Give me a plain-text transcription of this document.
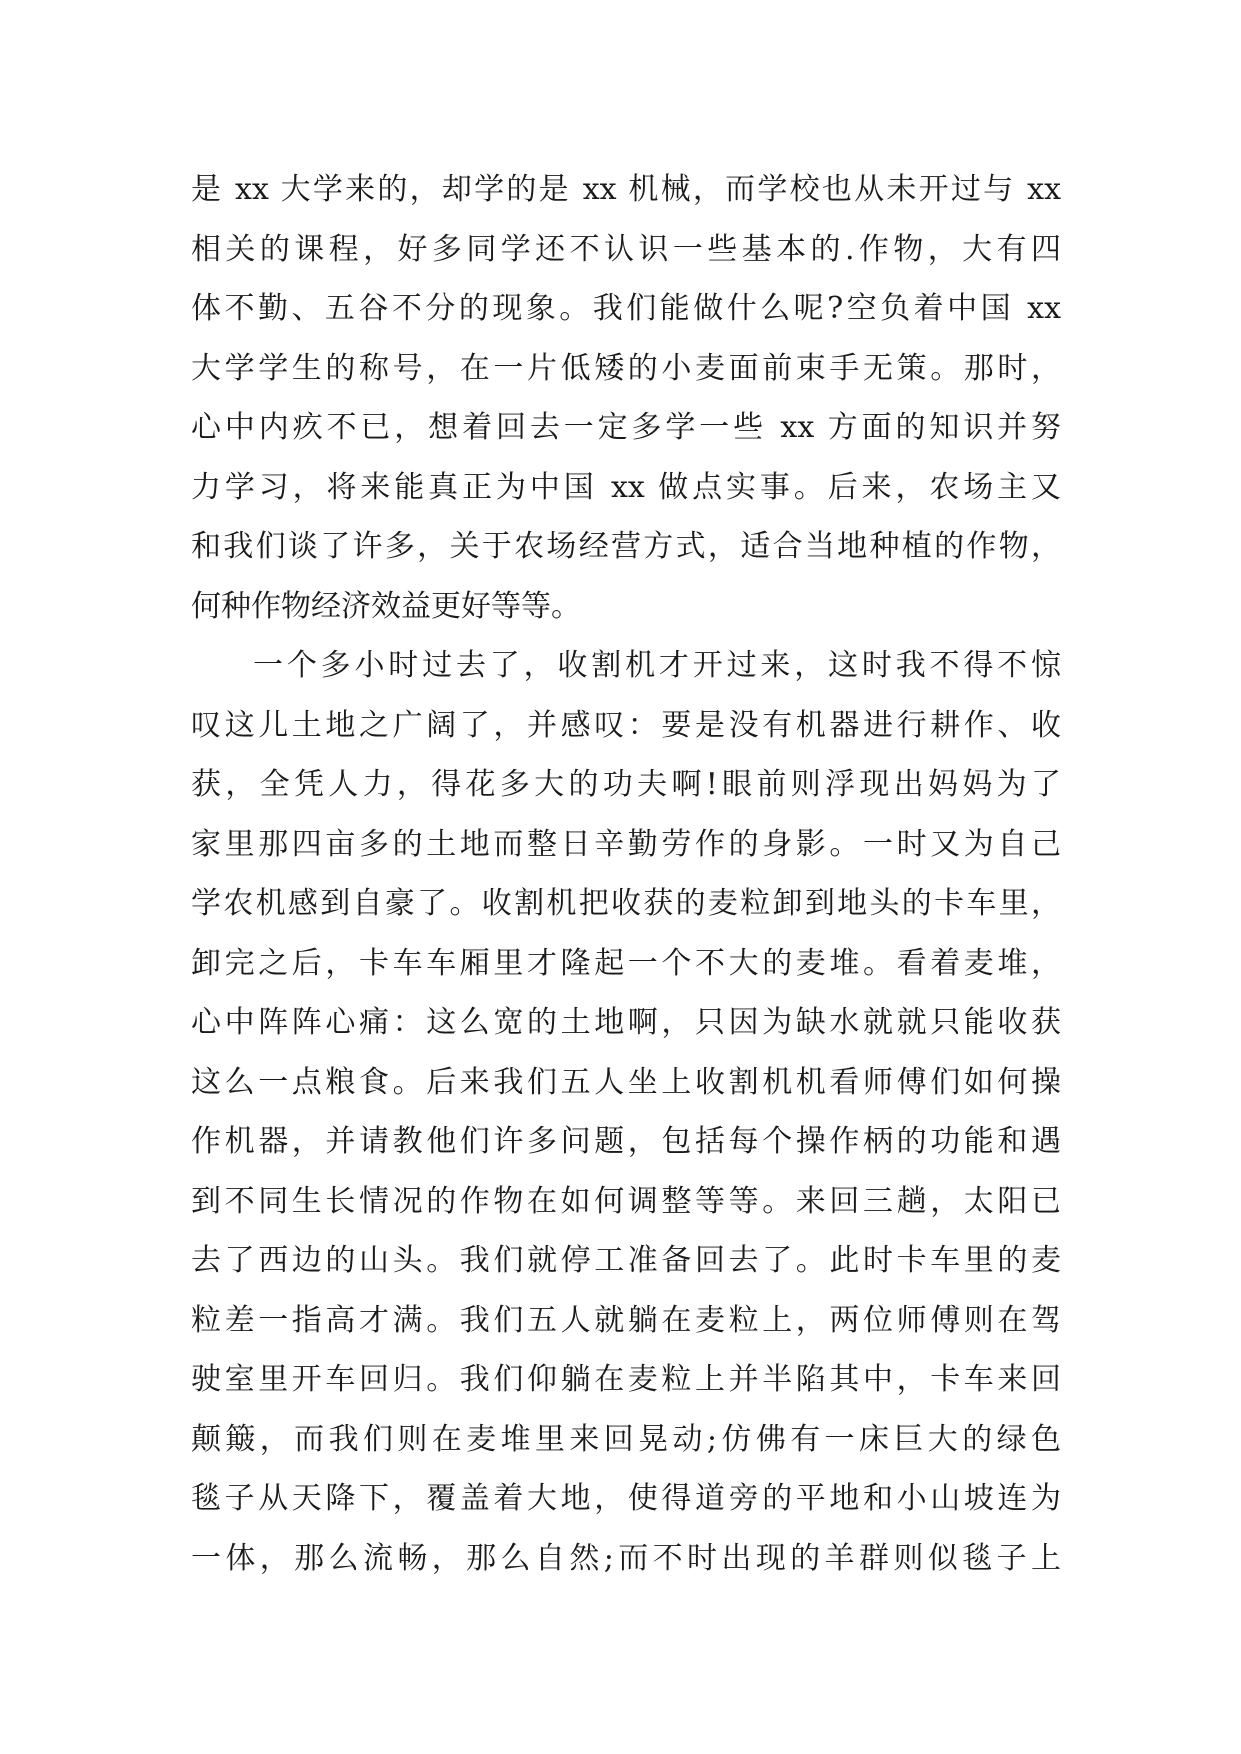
是 xx 大学来的，却学的是 xx 机械，而学校也从未开过与 xx
相关的课程，好多同学还不认识一些基本的.作物，大有四
体不勤、五谷不分的现象。我们能做什么呢?空负着中国 xx
大学学生的称号，在一片低矮的小麦面前束手无策。那时，
心中内疚不已，想着回去一定多学一些 xx 方面的知识并努
力学习，将来能真正为中国 xx 做点实事。后来，农场主又
和我们谈了许多，关于农场经营方式，适合当地种植的作物，
何种作物经济效益更好等等。
一个多小时过去了，收割机才开过来，这时我不得不惊
叹这儿土地之广阔了，并感叹：要是没有机器进行耕作、收
获，全凭人力，得花多大的功夫啊!眼前则浮现出妈妈为了
家里那四亩多的土地而整日辛勤劳作的身影。一时又为自己
学农机感到自豪了。收割机把收获的麦粒卸到地头的卡车里，
卸完之后，卡车车厢里才隆起一个不大的麦堆。看着麦堆，
心中阵阵心痛：这么宽的土地啊，只因为缺水就就只能收获
这么一点粮食。后来我们五人坐上收割机机看师傅们如何操
作机器，并请教他们许多问题，包括每个操作柄的功能和遇
到不同生长情况的作物在如何调整等等。来回三趟，太阳已
去了西边的山头。我们就停工准备回去了。此时卡车里的麦
粒差一指高才满。我们五人就躺在麦粒上，两位师傅则在驾
驶室里开车回归。我们仰躺在麦粒上并半陷其中，卡车来回
颠簸，而我们则在麦堆里来回晃动;仿佛有一床巨大的绿色
毯子从天降下，覆盖着大地，使得道旁的平地和小山坡连为
一体，那么流畅，那么自然;而不时出现的羊群则似毯子上
